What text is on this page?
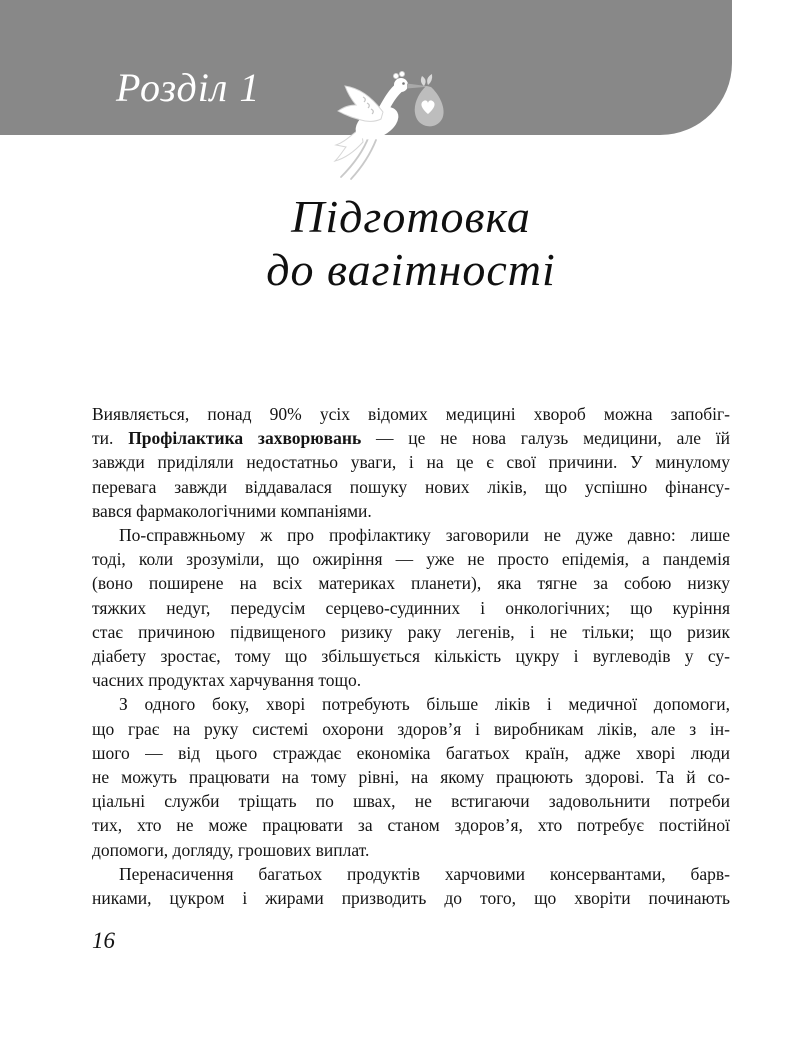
Розділ 1
Підготовка
до вагітності
Виявляється, понад 90% усіх відомих медицині хвороб можна запобіг-
ти. Профілактика захворювань — це не нова галузь медицини, але їй
завжди приділяли недостатньо уваги, і на це є свої причини. У минулому
перевага завжди віддавалася пошуку нових ліків, що успішно фінансу-
вався фармакологічними компаніями.
По-справжньому ж про профілактику заговорили не дуже давно: лише
тоді, коли зрозуміли, що ожиріння — уже не просто епідемія, а пандемія
(воно поширене на всіх материках планети), яка тягне за собою низку
тяжких недуг, передусім серцево-судинних і онкологічних; що куріння
стає причиною підвищеного ризику раку легенів, і не тільки; що ризик
діабету зростає, тому що збільшується кількість цукру і вуглеводів у су-
часних продуктах харчування тощо.
З одного боку, хворі потребують більше ліків і медичної допомоги,
що грає на руку системі охорони здоров’я і виробникам ліків, але з ін-
шого — від цього страждає економіка багатьох країн, адже хворі люди
не можуть працювати на тому рівні, на якому працюють здорові. Та й со-
ціальні служби тріщать по швах, не встигаючи задовольнити потреби
тих, хто не може працювати за станом здоров’я, хто потребує постійної
допомоги, догляду, грошових виплат.
Перенасичення багатьох продуктів харчовими консервантами, барв-
никами, цукром і жирами призводить до того, що хворіти починають
16
